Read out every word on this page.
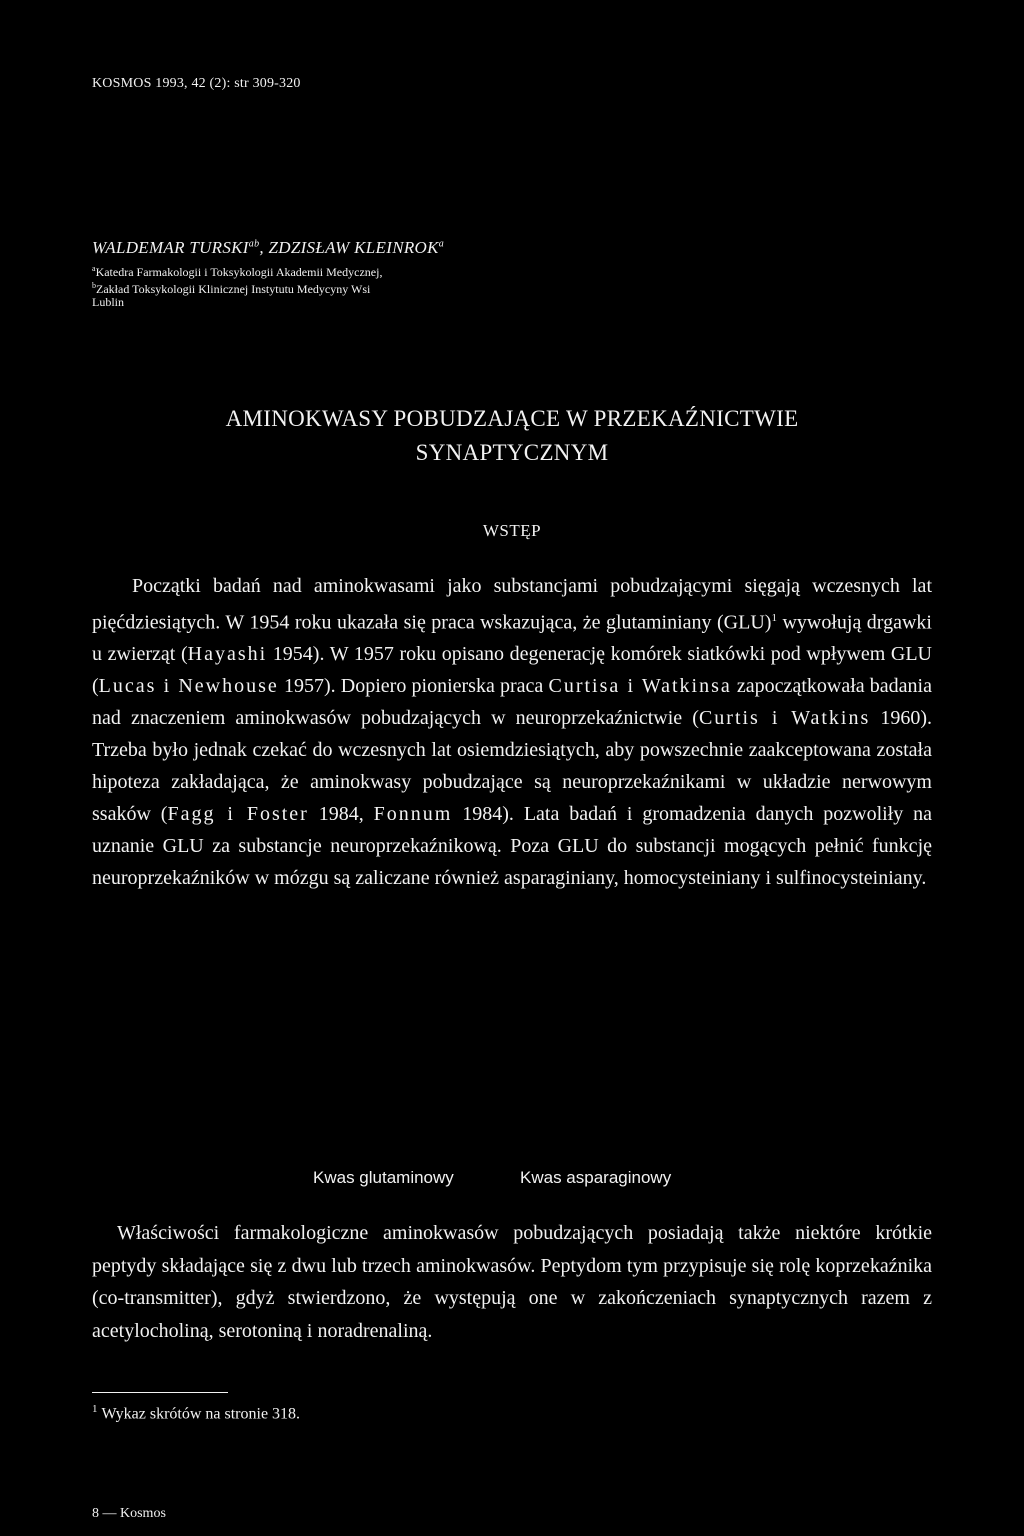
KOSMOS 1993, 42 (2): str 309-320
WALDEMAR $TURSKI^{ab}$, ZDZISŁAW KLEINROK$^a$
$^a$Katedra Farmakologii i Toksykologii Akademii Medycznej,
$^b$Zakład Toksykologii Klinicznej Instytutu Medycyny Wsi
Lublin
AMINOKWASY POBUDZAJĄCE W PRZEKAŹNICTWIE
SYNAPTYCZNYM
WSTĘP
Początki badań nad aminokwasami jako substancjami pobudzającymi sięgają wczesnych lat pięćdziesiątych. W 1954 roku ukazała się praca wskazująca, że glutaminiany (GLU)$^1$ wywołują drgawki u zwierząt (Hayashi 1954). W 1957 roku opisano degenerację komórek siatkówki pod wpływem GLU (Lucas i Newhouse 1957). Dopiero pionierska praca Curtisa i Watkinsa zapoczątkowała badania nad znaczeniem aminokwasów pobudzających w neuroprzekaźnictwie (Curtis i Watkins 1960). Trzeba było jednak czekać do wczesnych lat osiemdziesiątych, aby powszechnie zaakceptowana została hipoteza zakładająca, że aminokwasy pobudzające są neuroprzekaźnikami w układzie nerwowym ssaków (Fagg i Foster 1984, Fonnum 1984). Lata badań i gromadzenia danych pozwoliły na uznanie GLU za substancje neuroprzekaźnikową. Poza GLU do substancji mogących pełnić funkcję neuroprzekaźników w mózgu są zaliczane również asparaginiany, homocysteiniany i sulfinocysteiniany.
Kwas glutaminowy	Kwas asparaginowy
Właściwości farmakologiczne aminokwasów pobudzających posiadają także niektóre krótkie peptydy składające się z dwu lub trzech aminokwasów. Peptydom tym przypisuje się rolę koprzekaźnika (co-transmitter), gdyż stwierdzono, że występują one w zakończeniach synaptycznych razem z acetylocholiną, serotoniną i noradrenaliną.
$^1$ Wykaz skrótów na stronie 318.
8 — Kosmos
